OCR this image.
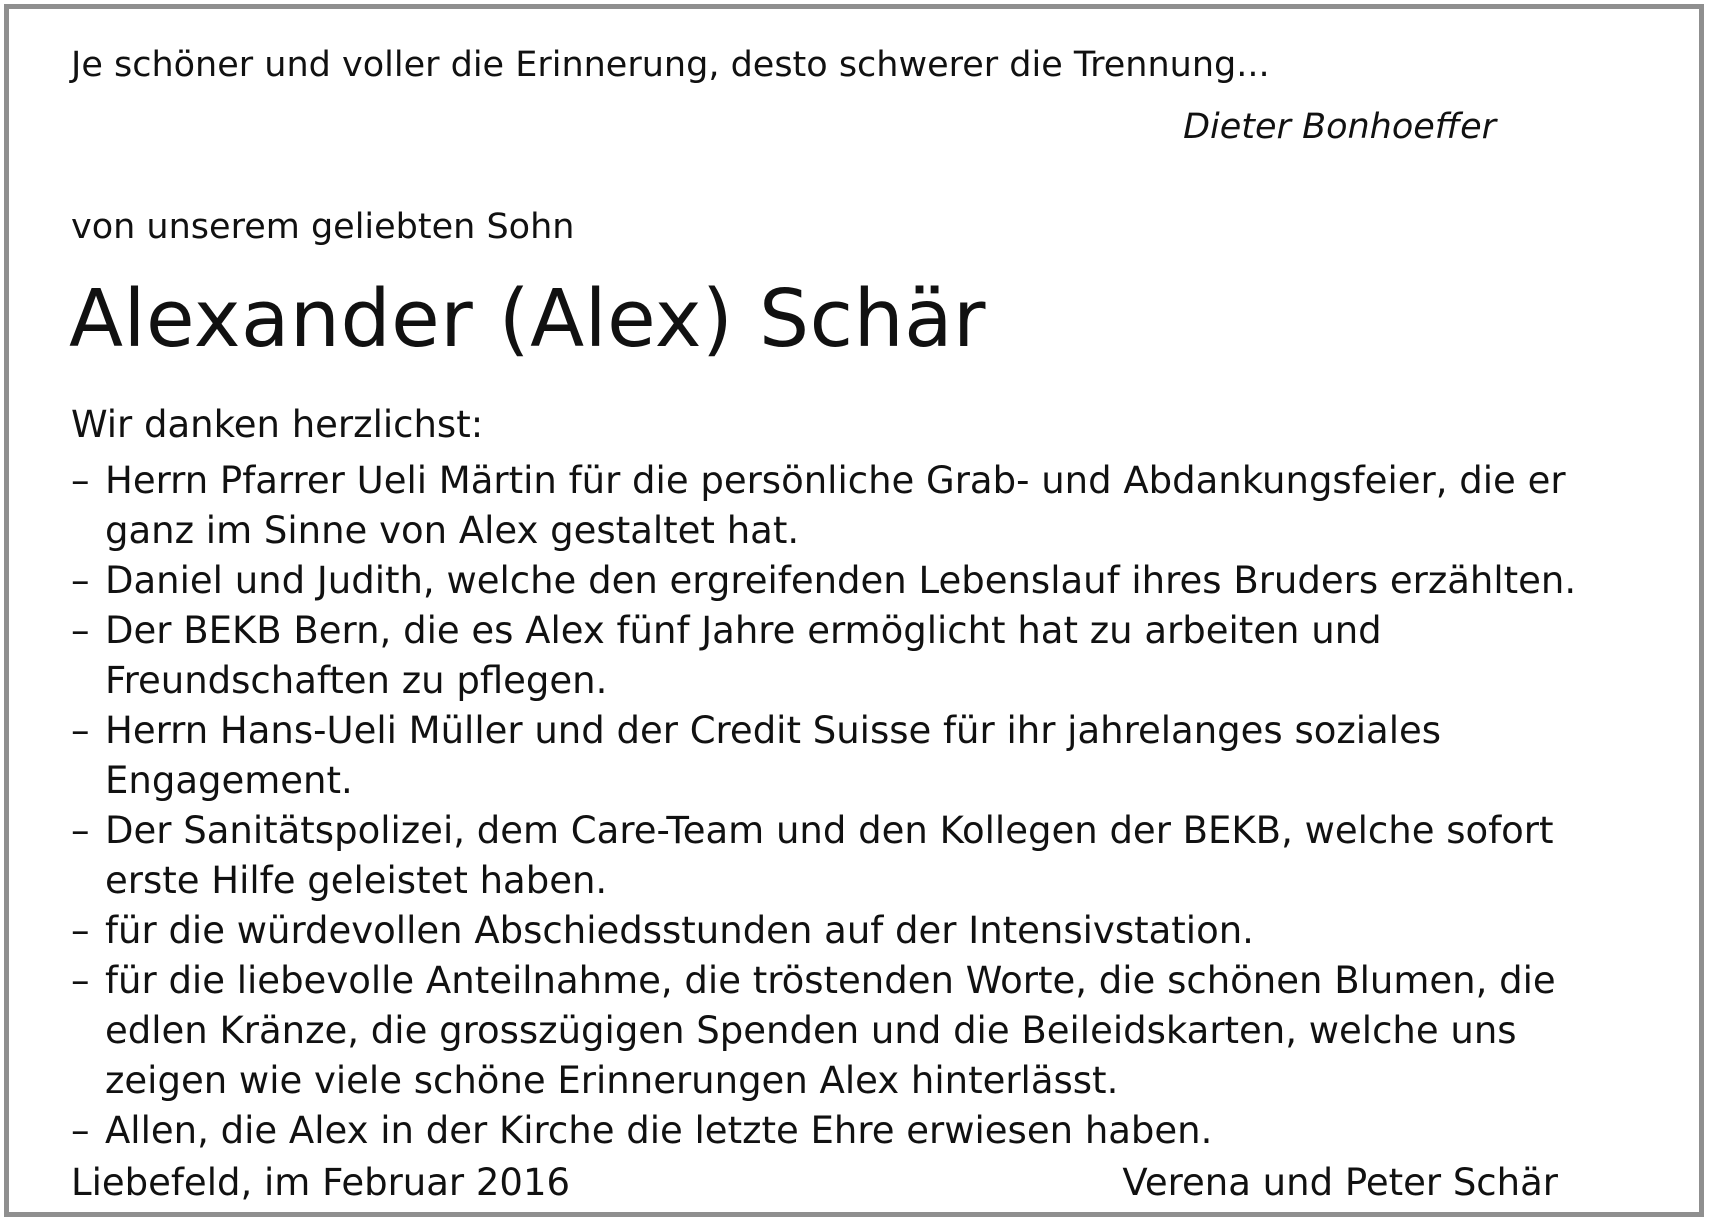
Je schöner und voller die Erinnerung, desto schwerer die Trennung...
Dieter Bonhoeffer
von unserem geliebten Sohn
Alexander (Alex) Schär
Wir danken herzlichst:
– Herrn Pfarrer Ueli Märtin für die persönliche Grab- und Abdankungsfeier, die er ganz im Sinne von Alex gestaltet hat.
– Daniel und Judith, welche den ergreifenden Lebenslauf ihres Bruders erzählten.
– Der BEKB Bern, die es Alex fünf Jahre ermöglicht hat zu arbeiten und Freundschaften zu pflegen.
– Herrn Hans-Ueli Müller und der Credit Suisse für ihr jahrelanges soziales Engagement.
– Der Sanitätspolizei, dem Care-Team und den Kollegen der BEKB, welche sofort erste Hilfe geleistet haben.
– für die würdevollen Abschiedsstunden auf der Intensivstation.
– für die liebevolle Anteilnahme, die tröstenden Worte, die schönen Blumen, die edlen Kränze, die grosszügigen Spenden und die Beileidskarten, welche uns zeigen wie viele schöne Erinnerungen Alex hinterlässt.
– Allen, die Alex in der Kirche die letzte Ehre erwiesen haben.
Liebefeld, im Februar 2016	Verena und Peter Schär
